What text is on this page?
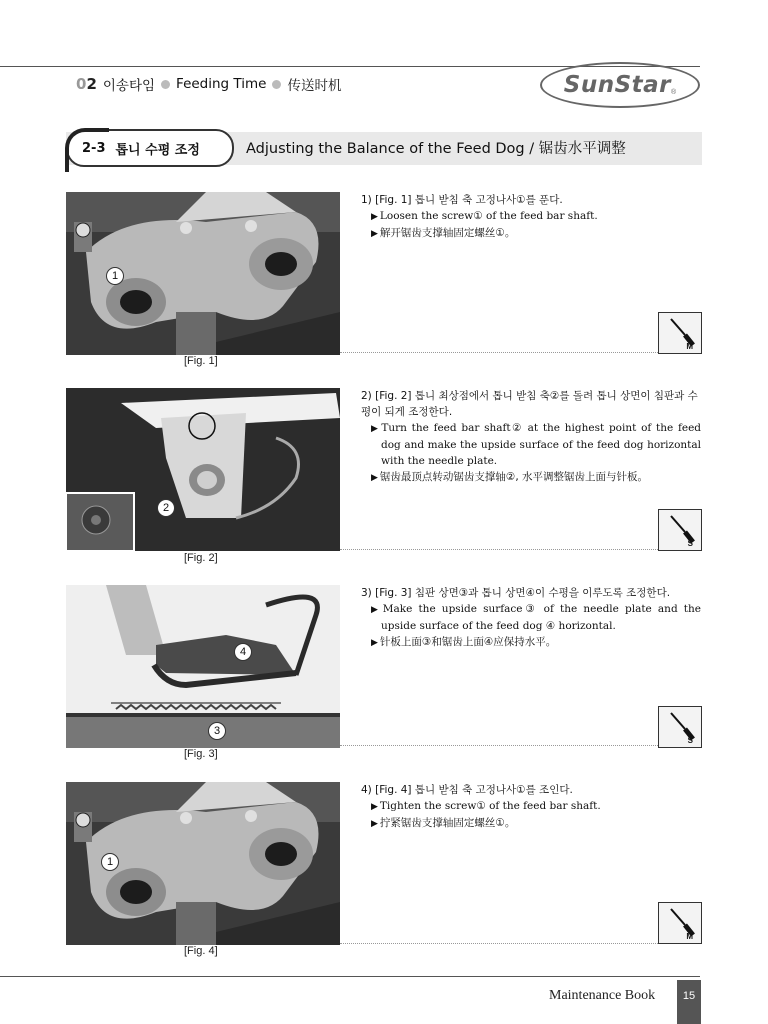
02 이송타임 Feeding Time 传送时机	SunStar ®
2-3 톱니 수평 조정	Adjusting the Balance of the Feed Dog / 锯齿水平调整
1
[Fig. 1]
1) [Fig. 1] 톱니 받침 축 고정나사①를 푼다.
▶ Loosen the screw① of the feed bar shaft.
▶ 解开锯齿支撑轴固定螺丝①。
M
2
[Fig. 2]
2) [Fig. 2] 톱니 최상점에서 톱니 받침 축②를 돌려 톱니 상면이 침판과 수평이 되게 조정한다.
▶ Turn the feed bar shaft② at the highest point of the feed dog and make the upside surface of the feed dog horizontal with the needle plate.
▶ 锯齿最顶点转动锯齿支撑轴②, 水平调整锯齿上面与针板。
S
4
3
[Fig. 3]
3) [Fig. 3] 침판 상면③과 톱니 상면④이 수평을 이루도록 조정한다.
▶ Make the upside surface③ of the needle plate and the upside surface of the feed dog ④ horizontal.
▶ 针板上面③和锯齿上面④应保持水平。
S
1
[Fig. 4]
4) [Fig. 4] 톱니 받침 축 고정나사①를 조인다.
▶ Tighten the screw① of the feed bar shaft.
▶ 拧紧锯齿支撑轴固定螺丝①。
M
Maintenance Book	15
